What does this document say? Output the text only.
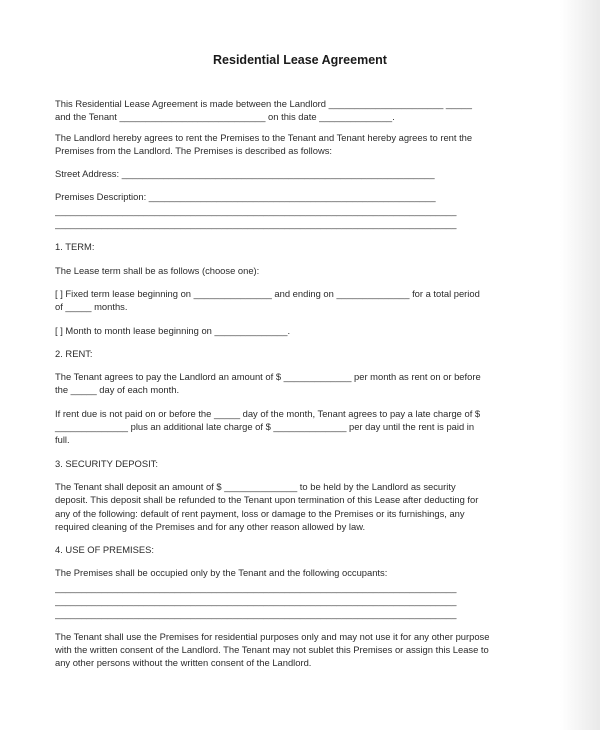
Residential Lease Agreement

This Residential Lease Agreement is made between the Landlord ______________________ _____
and the Tenant ____________________________ on this date ______________.

The Landlord hereby agrees to rent the Premises to the Tenant and Tenant hereby agrees to rent the
Premises from the Landlord. The Premises is described as follows:

Street Address: ____________________________________________________________

Premises Description: _______________________________________________________

_____________________________________________________________________________

_____________________________________________________________________________

1. TERM:

The Lease term shall be as follows (choose one):

[ ] Fixed term lease beginning on _______________ and ending on ______________ for a total period
of _____ months.

[ ] Month to month lease beginning on ______________.

2. RENT:

The Tenant agrees to pay the Landlord an amount of $ _____________ per month as rent on or before
the _____ day of each month.

If rent due is not paid on or before the _____ day of the month, Tenant agrees to pay a late charge of $
______________ plus an additional late charge of $ ______________ per day until the rent is paid in
full.

3. SECURITY DEPOSIT:

The Tenant shall deposit an amount of $ ______________ to be held by the Landlord as security
deposit. This deposit shall be refunded to the Tenant upon termination of this Lease after deducting for
any of the following: default of rent payment, loss or damage to the Premises or its furnishings, any
required cleaning of the Premises and for any other reason allowed by law.

4. USE OF PREMISES:

The Premises shall be occupied only by the Tenant and the following occupants:

_____________________________________________________________________________

_____________________________________________________________________________

_____________________________________________________________________________

The Tenant shall use the Premises for residential purposes only and may not use it for any other purpose
with the written consent of the Landlord. The Tenant may not sublet this Premises or assign this Lease to
any other persons without the written consent of the Landlord.
